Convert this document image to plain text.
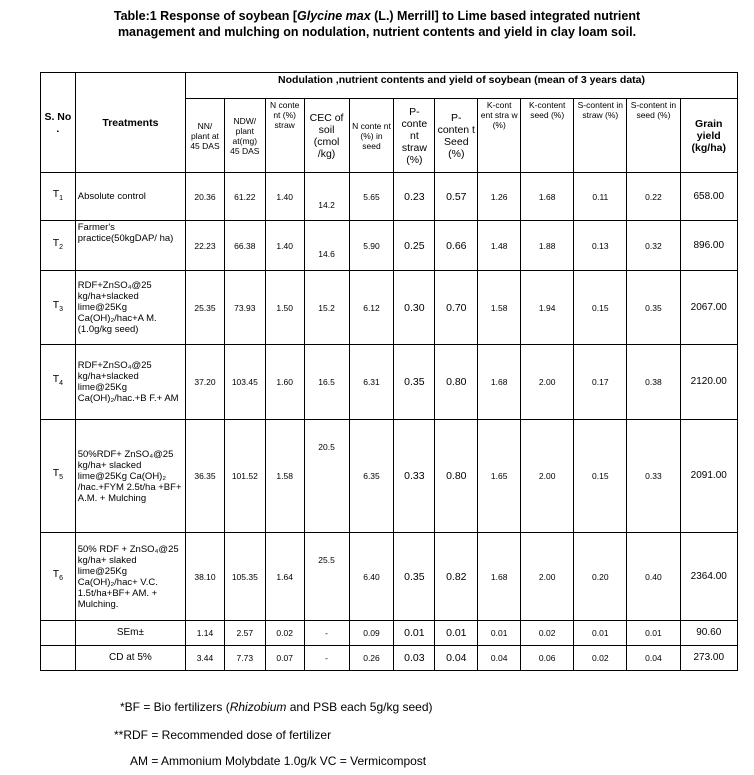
Table:1 Response of soybean [Glycine max (L.) Merrill] to Lime based integrated nutrient
management and mulching on nodulation, nutrient contents and yield in clay loam soil.
S. No .	Treatments	Nodulation ,nutrient contents and yield of soybean (mean of 3 years data)											
		NN/ plant at 45 DAS	NDW/ plant at(mg) 45 DAS	N conte nt (%) straw	CEC of soil (cmol /kg)	N conte nt (%) in seed	P-conte nt straw (%)	P-conten t Seed (%)	K-cont ent stra w (%)	K-content seed (%)	S-content in straw (%)	S-content in seed (%)	Grain yield (kg/ha)
$T_1$	Absolute control	20.36	61.22	1.40	14.2	5.65	0.23	0.57	1.26	1.68	0.11	0.22	658.00
$T_2$	Farmer's practice(50kgDAP/ ha)	22.23	66.38	1.40	14.6	5.90	0.25	0.66	1.48	1.88	0.13	0.32	896.00
$T_3$	RDF+ZnSO₄@25 kg/ha+slacked lime@25Kg Ca(OH)₂/hac+A M. (1.0g/kg seed)	25.35	73.93	1.50	15.2	6.12	0.30	0.70	1.58	1.94	0.15	0.35	2067.00
$T_4$	RDF+ZnSO₄@25 kg/ha+slacked lime@25Kg Ca(OH)₂/hac.+B F.+ AM	37.20	103.45	1.60	16.5	6.31	0.35	0.80	1.68	2.00	0.17	0.38	2120.00
$T_5$	50%RDF+ ZnSO₄@25 kg/ha+ slacked lime@25Kg Ca(OH)₂ /hac.+FYM 2.5t/ha +BF+ A.M. + Mulching	36.35	101.52	1.58	20.5	6.35	0.33	0.80	1.65	2.00	0.15	0.33	2091.00
$T_6$	50% RDF + ZnSO₄@25 kg/ha+ slaked lime@25Kg Ca(OH)₂/hac+ V.C. 1.5t/ha+BF+ AM. + Mulching.	38.10	105.35	1.64	25.5	6.40	0.35	0.82	1.68	2.00	0.20	0.40	2364.00
	SEm±	1.14	2.57	0.02	-	0.09	0.01	0.01	0.01	0.02	0.01	0.01	90.60
	CD at 5%	3.44	7.73	0.07	-	0.26	0.03	0.04	0.04	0.06	0.02	0.04	273.00
*BF = Bio fertilizers (Rhizobium and PSB each 5g/kg seed)
**RDF = Recommended dose of fertilizer
AM = Ammonium Molybdate 1.0g/k VC = Vermicompost
